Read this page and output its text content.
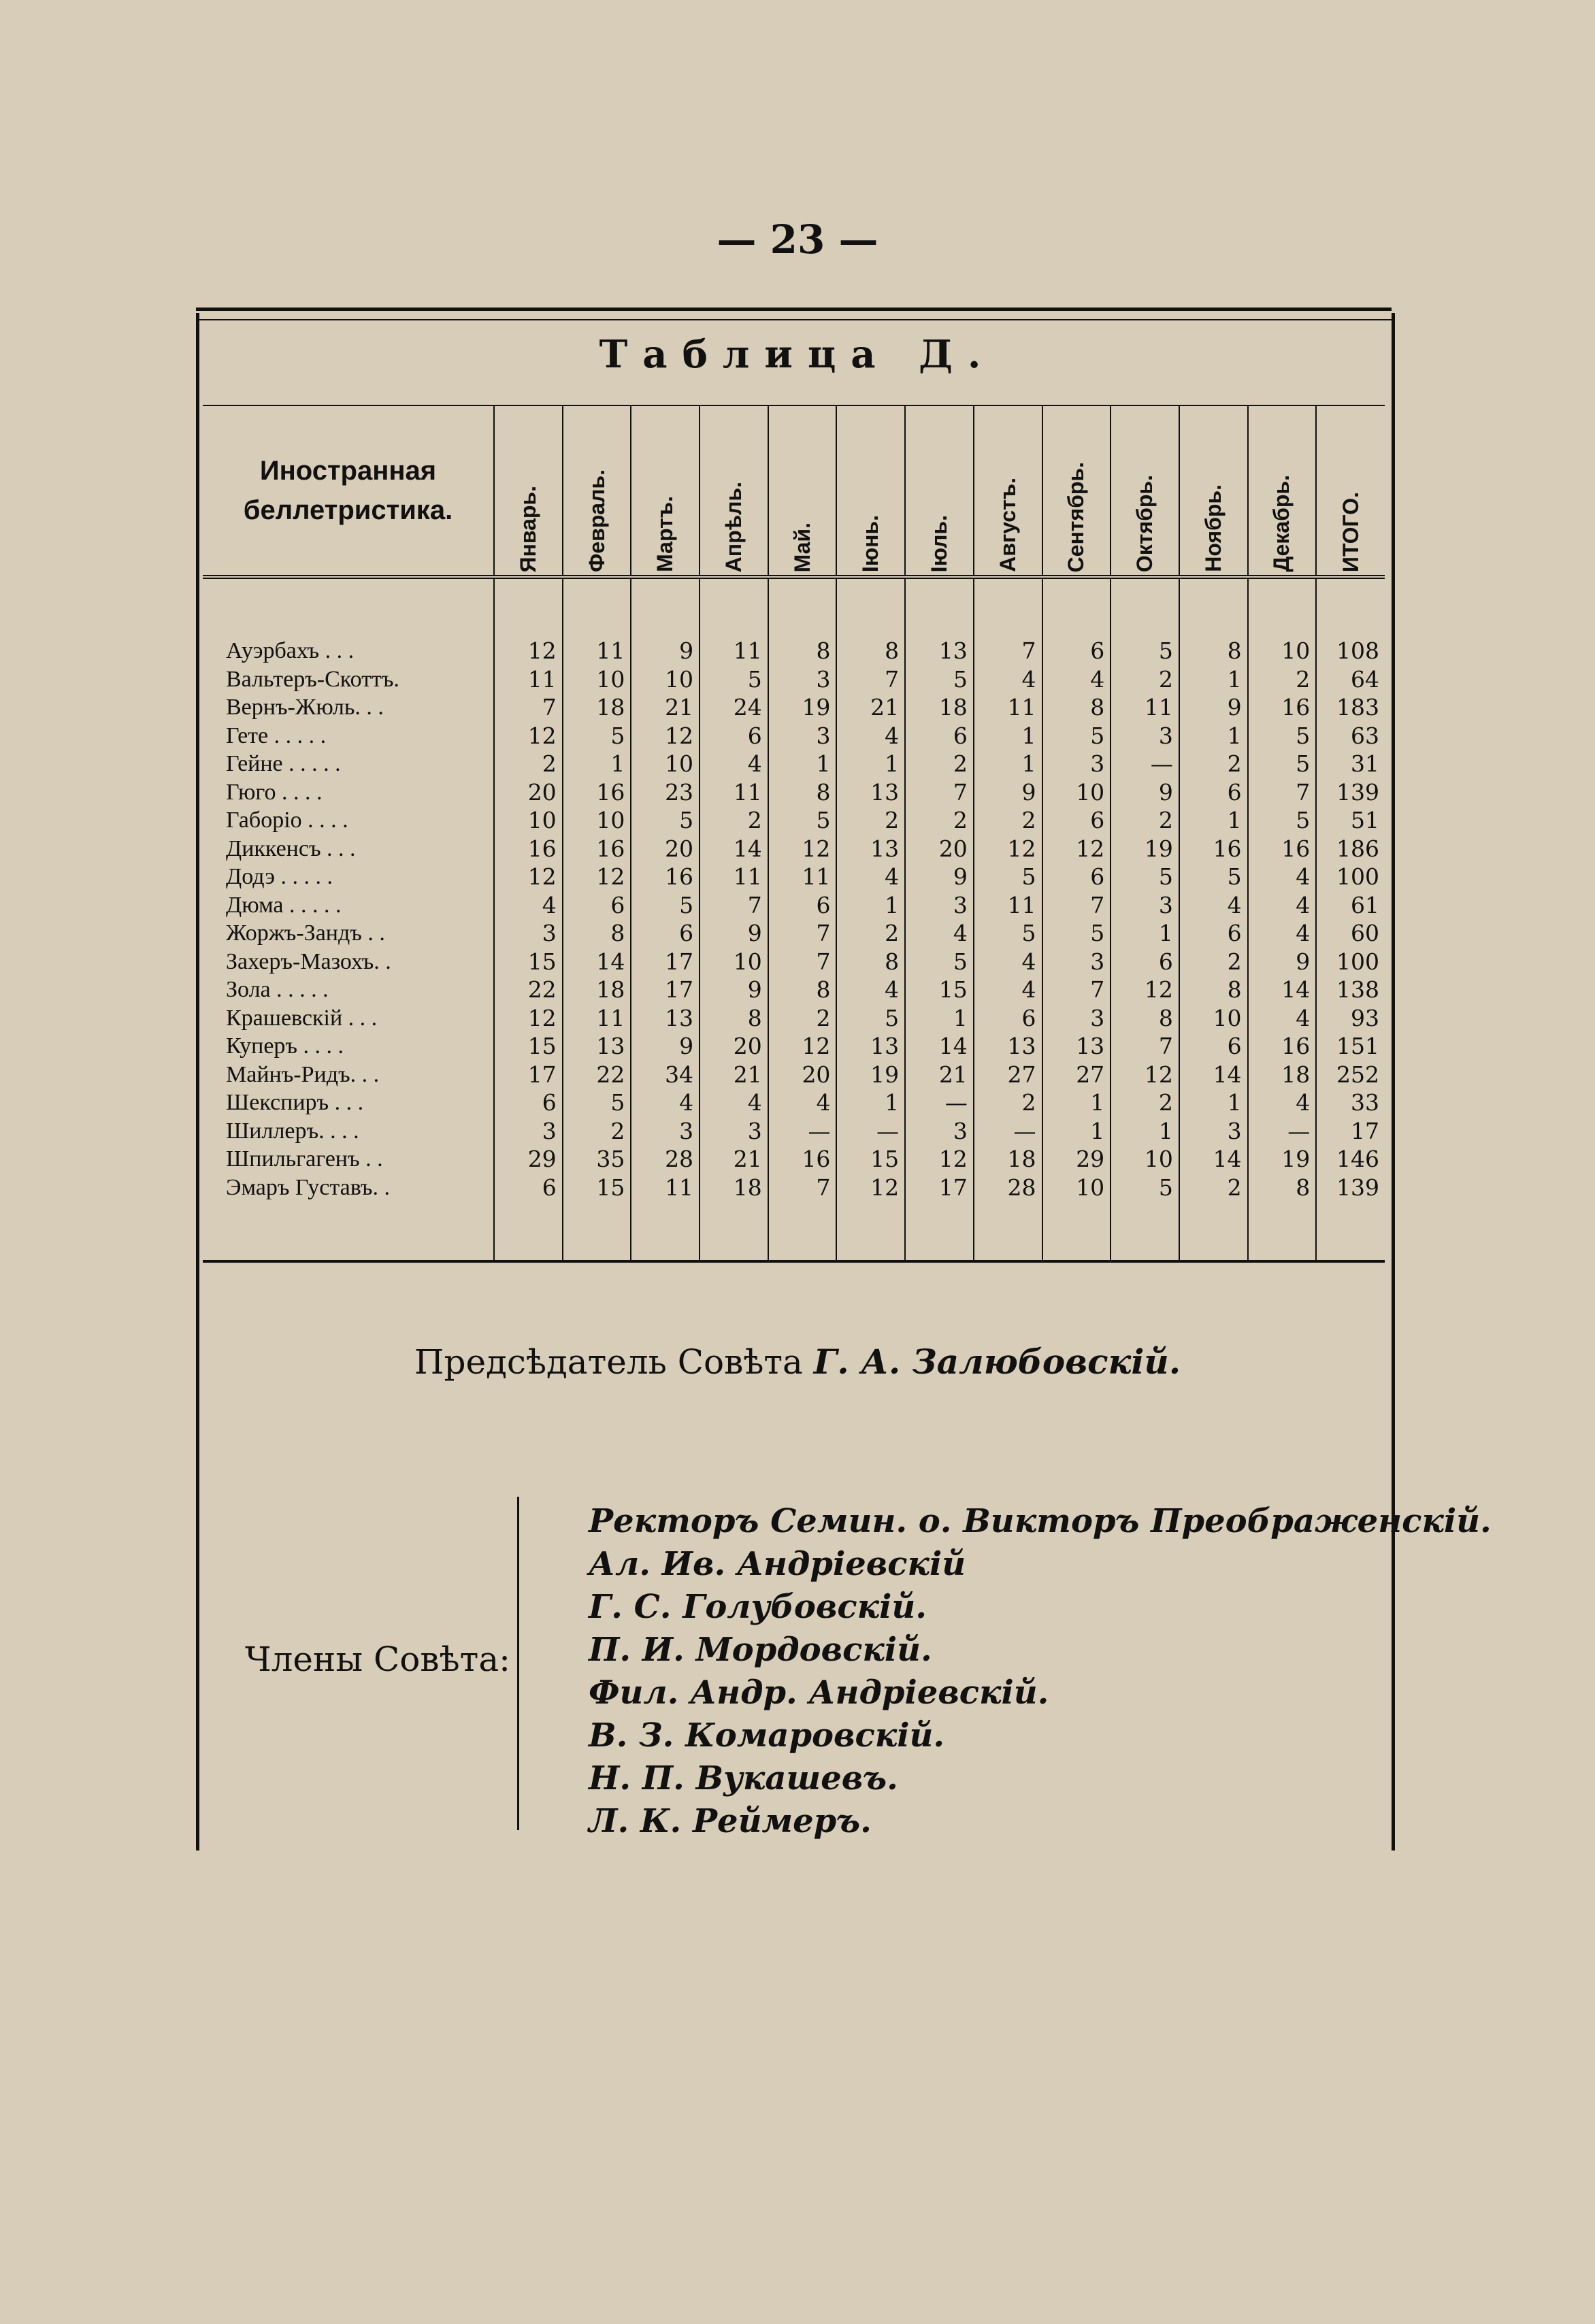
— 23 —
Таблица Д.
Иностранная беллетристика.	Январь.	Февраль.	Мартъ.	Апрѣль.	Май.	Іюнь.	Іюль.	Августъ.	Сентябрь.	Октябрь.	Ноябрь.	Декабрь.	ИТОГО.

Ауэрбахъ . . .	12	11	9	11	8	8	13	7	6	5	8	10	108
Вальтеръ-Скоттъ.	11	10	10	5	3	7	5	4	4	2	1	2	64
Вернъ-Жюль. . .	7	18	21	24	19	21	18	11	8	11	9	16	183
Гете . . . . .	12	5	12	6	3	4	6	1	5	3	1	5	63
Гейне . . . . .	2	1	10	4	1	1	2	1	3	—	2	5	31
Гюго . . . .	20	16	23	11	8	13	7	9	10	9	6	7	139
Габоріо . . . .	10	10	5	2	5	2	2	2	6	2	1	5	51
Диккенсъ . . .	16	16	20	14	12	13	20	12	12	19	16	16	186
Додэ . . . . .	12	12	16	11	11	4	9	5	6	5	5	4	100
Дюма . . . . .	4	6	5	7	6	1	3	11	7	3	4	4	61
Жоржъ-Зандъ . .	3	8	6	9	7	2	4	5	5	1	6	4	60
Захеръ-Мазохъ. .	15	14	17	10	7	8	5	4	3	6	2	9	100
Зола . . . . .	22	18	17	9	8	4	15	4	7	12	8	14	138
Крашевскій . . .	12	11	13	8	2	5	1	6	3	8	10	4	93
Куперъ . . . .	15	13	9	20	12	13	14	13	13	7	6	16	151
Майнъ-Ридъ. . .	17	22	34	21	20	19	21	27	27	12	14	18	252
Шекспиръ . . .	6	5	4	4	4	1	—	2	1	2	1	4	33
Шиллеръ. . . .	3	2	3	3	—	—	3	—	1	1	3	—	17
Шпильгагенъ . .	29	35	28	21	16	15	12	18	29	10	14	19	146
Эмаръ Густавъ. .	6	15	11	18	7	12	17	28	10	5	2	8	139

Предсѣдатель Совѣта Г. А. Залюбовскій.
Члены Совѣта:
Ректоръ Семин. о. Викторъ Преображенскій.
Ал. Ив. Андріевскій
Г. С. Голубовскій.
П. И. Мордовскій.
Фил. Андр. Андріевскій.
В. З. Комаровскій.
Н. П. Вукашевъ.
Л. К. Реймеръ.
